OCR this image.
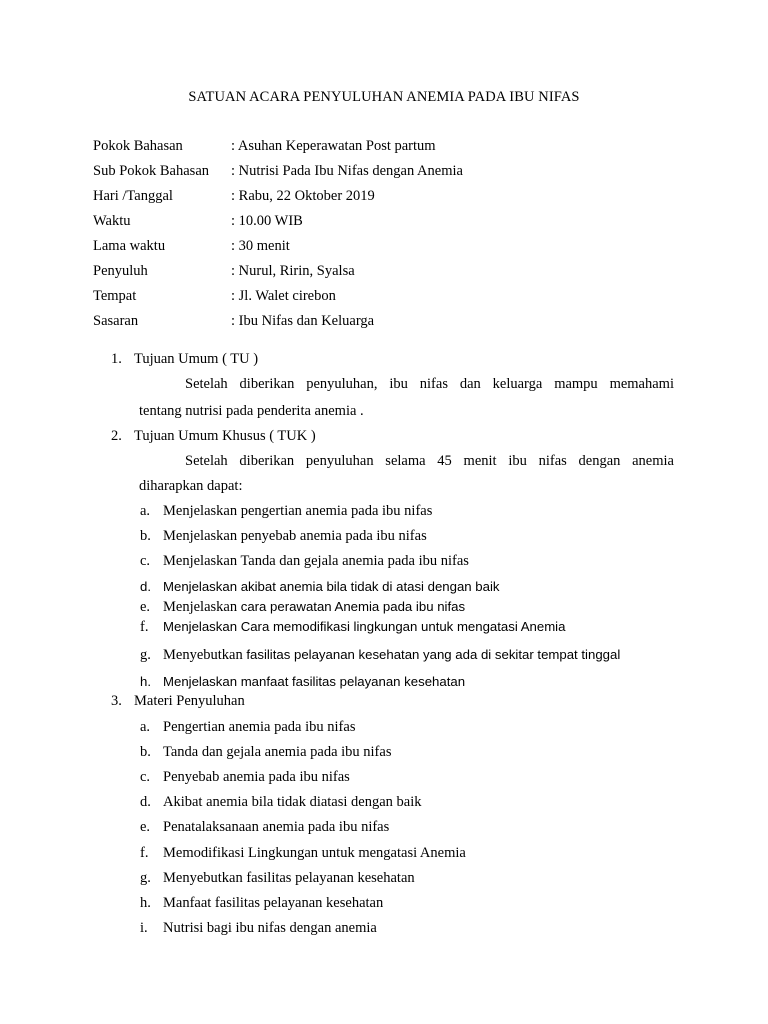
SATUAN ACARA PENYULUHAN ANEMIA PADA IBU NIFAS
Pokok Bahasan	: Asuhan Keperawatan Post partum
Sub Pokok Bahasan : Nutrisi Pada Ibu Nifas dengan Anemia
Hari /Tanggal	: Rabu, 22 Oktober 2019
Waktu	: 10.00 WIB
Lama waktu	: 30 menit
Penyuluh	: Nurul, Ririn, Syalsa
Tempat	: Jl. Walet cirebon
Sasaran	: Ibu Nifas dan Keluarga
1. Tujuan Umum ( TU )
Setelah diberikan penyuluhan, ibu nifas dan keluarga mampu memahami
tentang nutrisi pada penderita anemia .
2. Tujuan Umum Khusus ( TUK )
Setelah diberikan penyuluhan selama 45 menit ibu nifas dengan anemia
diharapkan dapat:
a. Menjelaskan pengertian anemia pada ibu nifas
b. Menjelaskan penyebab anemia pada ibu nifas
c. Menjelaskan Tanda dan gejala anemia pada ibu nifas
d. Menjelaskan akibat anemia bila tidak di atasi dengan baik
e. Menjelaskan cara perawatan Anemia pada ibu nifas
f. Menjelaskan Cara memodifikasi lingkungan untuk mengatasi Anemia
g. Menyebutkan fasilitas pelayanan kesehatan yang ada di sekitar tempat tinggal
h. Menjelaskan manfaat fasilitas pelayanan kesehatan
3. Materi Penyuluhan
a. Pengertian anemia pada ibu nifas
b. Tanda dan gejala anemia pada ibu nifas
c. Penyebab anemia pada ibu nifas
d. Akibat anemia bila tidak diatasi dengan baik
e. Penatalaksanaan anemia pada ibu nifas
f. Memodifikasi Lingkungan untuk mengatasi Anemia
g. Menyebutkan fasilitas pelayanan kesehatan
h. Manfaat fasilitas pelayanan kesehatan
i. Nutrisi bagi ibu nifas dengan anemia
